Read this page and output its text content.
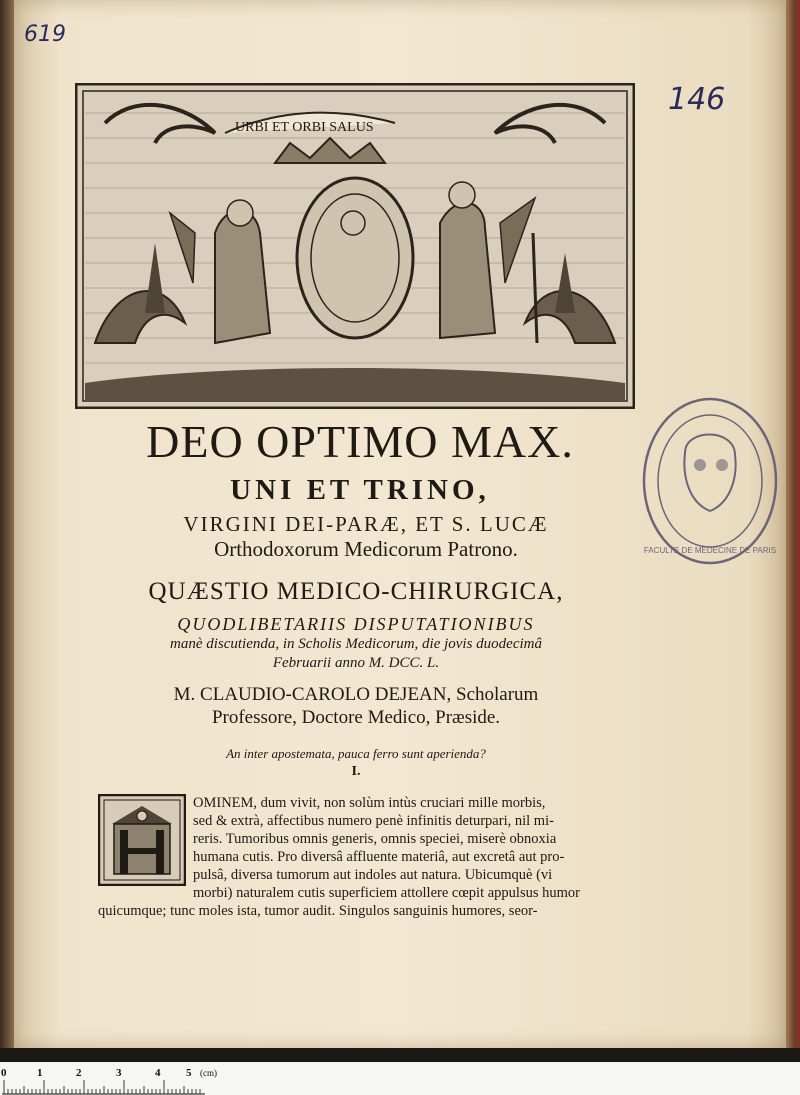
619
146
URBI ET ORBI SALUS
FACULTE DE MEDECINE DE PARIS
DEO OPTIMO MAX.
UNI ET TRINO,
VIRGINI DEI-PARÆ, ET S. LUCÆ
Orthodoxorum Medicorum Patrono.
QUÆSTIO MEDICO-CHIRURGICA,
QUODLIBETARIIS DISPUTATIONIBUS
manè discutienda, in Scholis Medicorum, die jovis duodecimâ
Februarii anno M. DCC. L.
M. CLAUDIO-CAROLO DEJEAN, Scholarum
Professore, Doctore Medico, Præside.
An inter apostemata, pauca ferro sunt aperienda?
I.
OMINEM, dum vivit, non solùm intùs cruciari mille morbis,
sed & extrà, affectibus numero penè infinitis deturpari, nil mi-
reris. Tumoribus omnis generis, omnis speciei, miserè obnoxia
humana cutis. Pro diversâ affluente materiâ, aut excretâ aut pro-
pulsâ, diversa tumorum aut indoles aut natura. Ubicumquè (vi
morbi) naturalem cutis superficiem attollere cœpit appulsus humor
quicumque; tunc moles ista, tumor audit. Singulos sanguinis humores, seor-
0	1	2	3	4 5 (cm)
